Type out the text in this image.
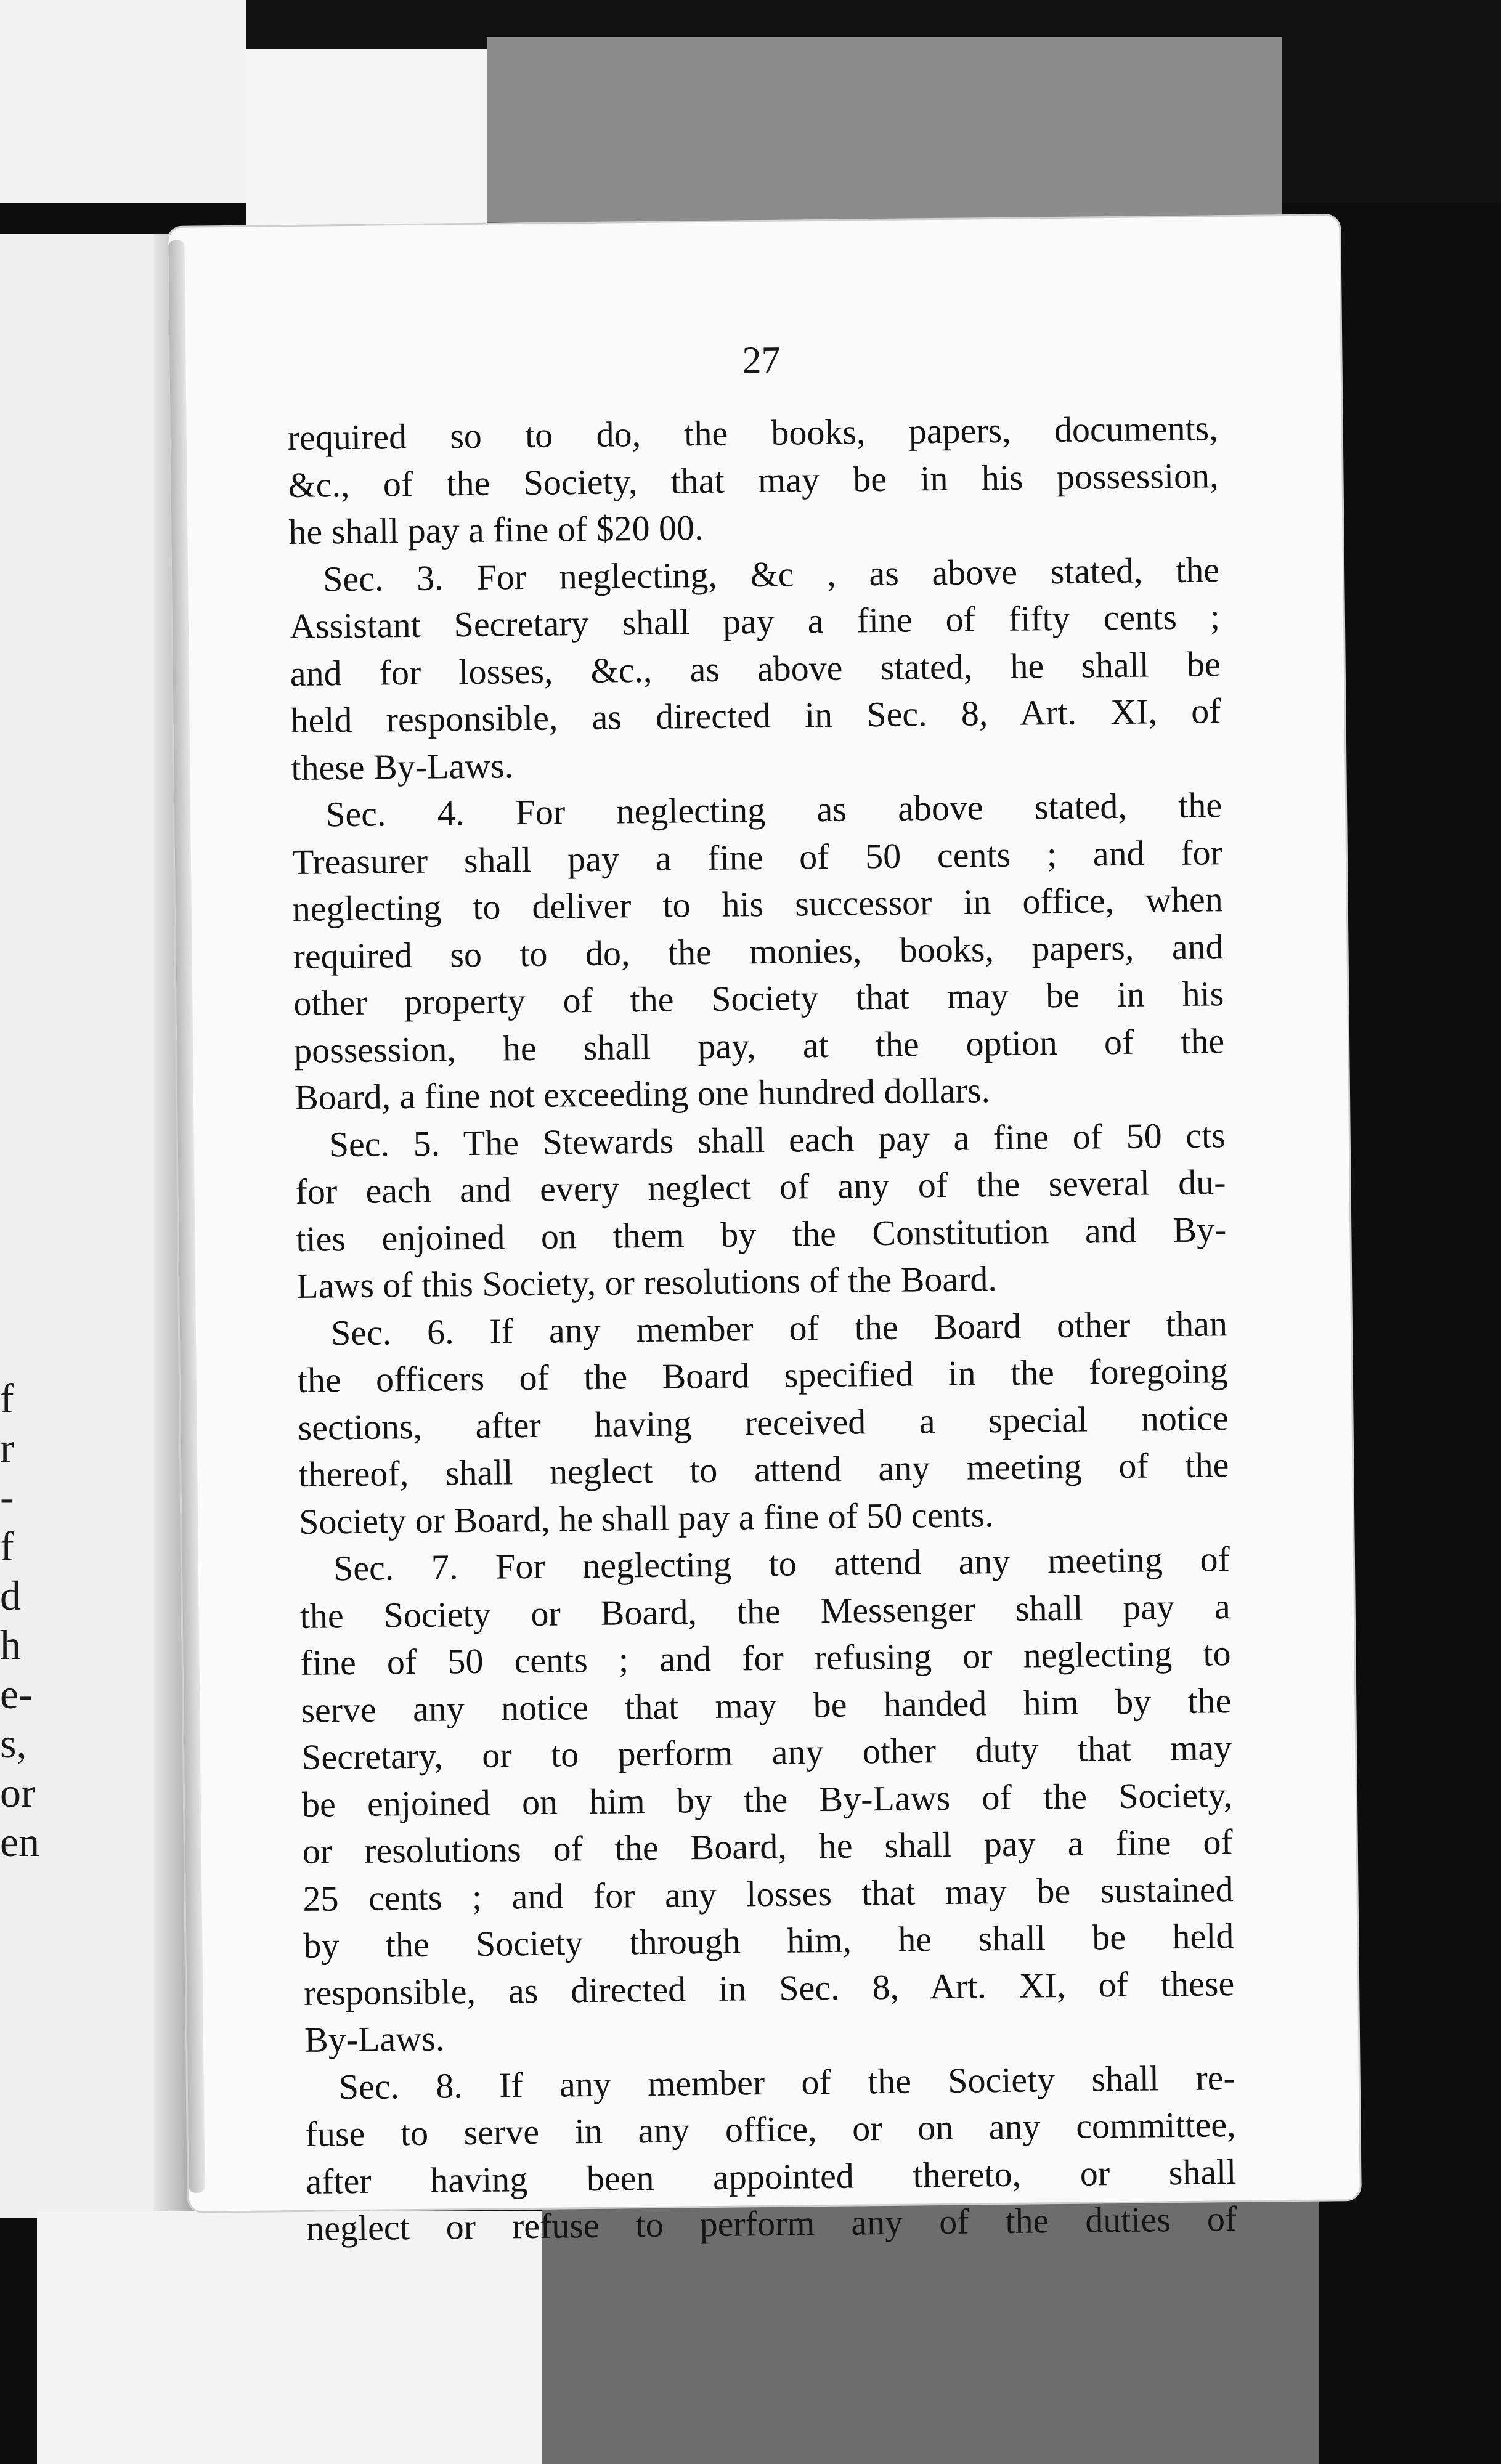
f
r
-
f
d
h
e-
s,
or
en
27
required so to do, the books, papers, documents,
&c., of the Society, that may be in his possession,
he shall pay a fine of $20 00.
Sec. 3. For neglecting, &c , as above stated, the
Assistant Secretary shall pay a fine of fifty cents ;
and for losses, &c., as above stated, he shall be
held responsible, as directed in Sec. 8, Art. XI, of
these By-Laws.
Sec. 4. For neglecting as above stated, the
Treasurer shall pay a fine of 50 cents ; and for
neglecting to deliver to his successor in office, when
required so to do, the monies, books, papers, and
other property of the Society that may be in his
possession, he shall pay, at the option of the
Board, a fine not exceeding one hundred dollars.
Sec. 5. The Stewards shall each pay a fine of 50 cts
for each and every neglect of any of the several du-
ties enjoined on them by the Constitution and By-
Laws of this Society, or resolutions of the Board.
Sec. 6. If any member of the Board other than
the officers of the Board specified in the foregoing
sections, after having received a special notice
thereof, shall neglect to attend any meeting of the
Society or Board, he shall pay a fine of 50 cents.
Sec. 7. For neglecting to attend any meeting of
the Society or Board, the Messenger shall pay a
fine of 50 cents ; and for refusing or neglecting to
serve any notice that may be handed him by the
Secretary, or to perform any other duty that may
be enjoined on him by the By-Laws of the Society,
or resolutions of the Board, he shall pay a fine of
25 cents ; and for any losses that may be sustained
by the Society through him, he shall be held
responsible, as directed in Sec. 8, Art. XI, of these
By-Laws.
Sec. 8. If any member of the Society shall re-
fuse to serve in any office, or on any committee,
after having been appointed thereto, or shall
neglect or refuse to perform any of the duties of
